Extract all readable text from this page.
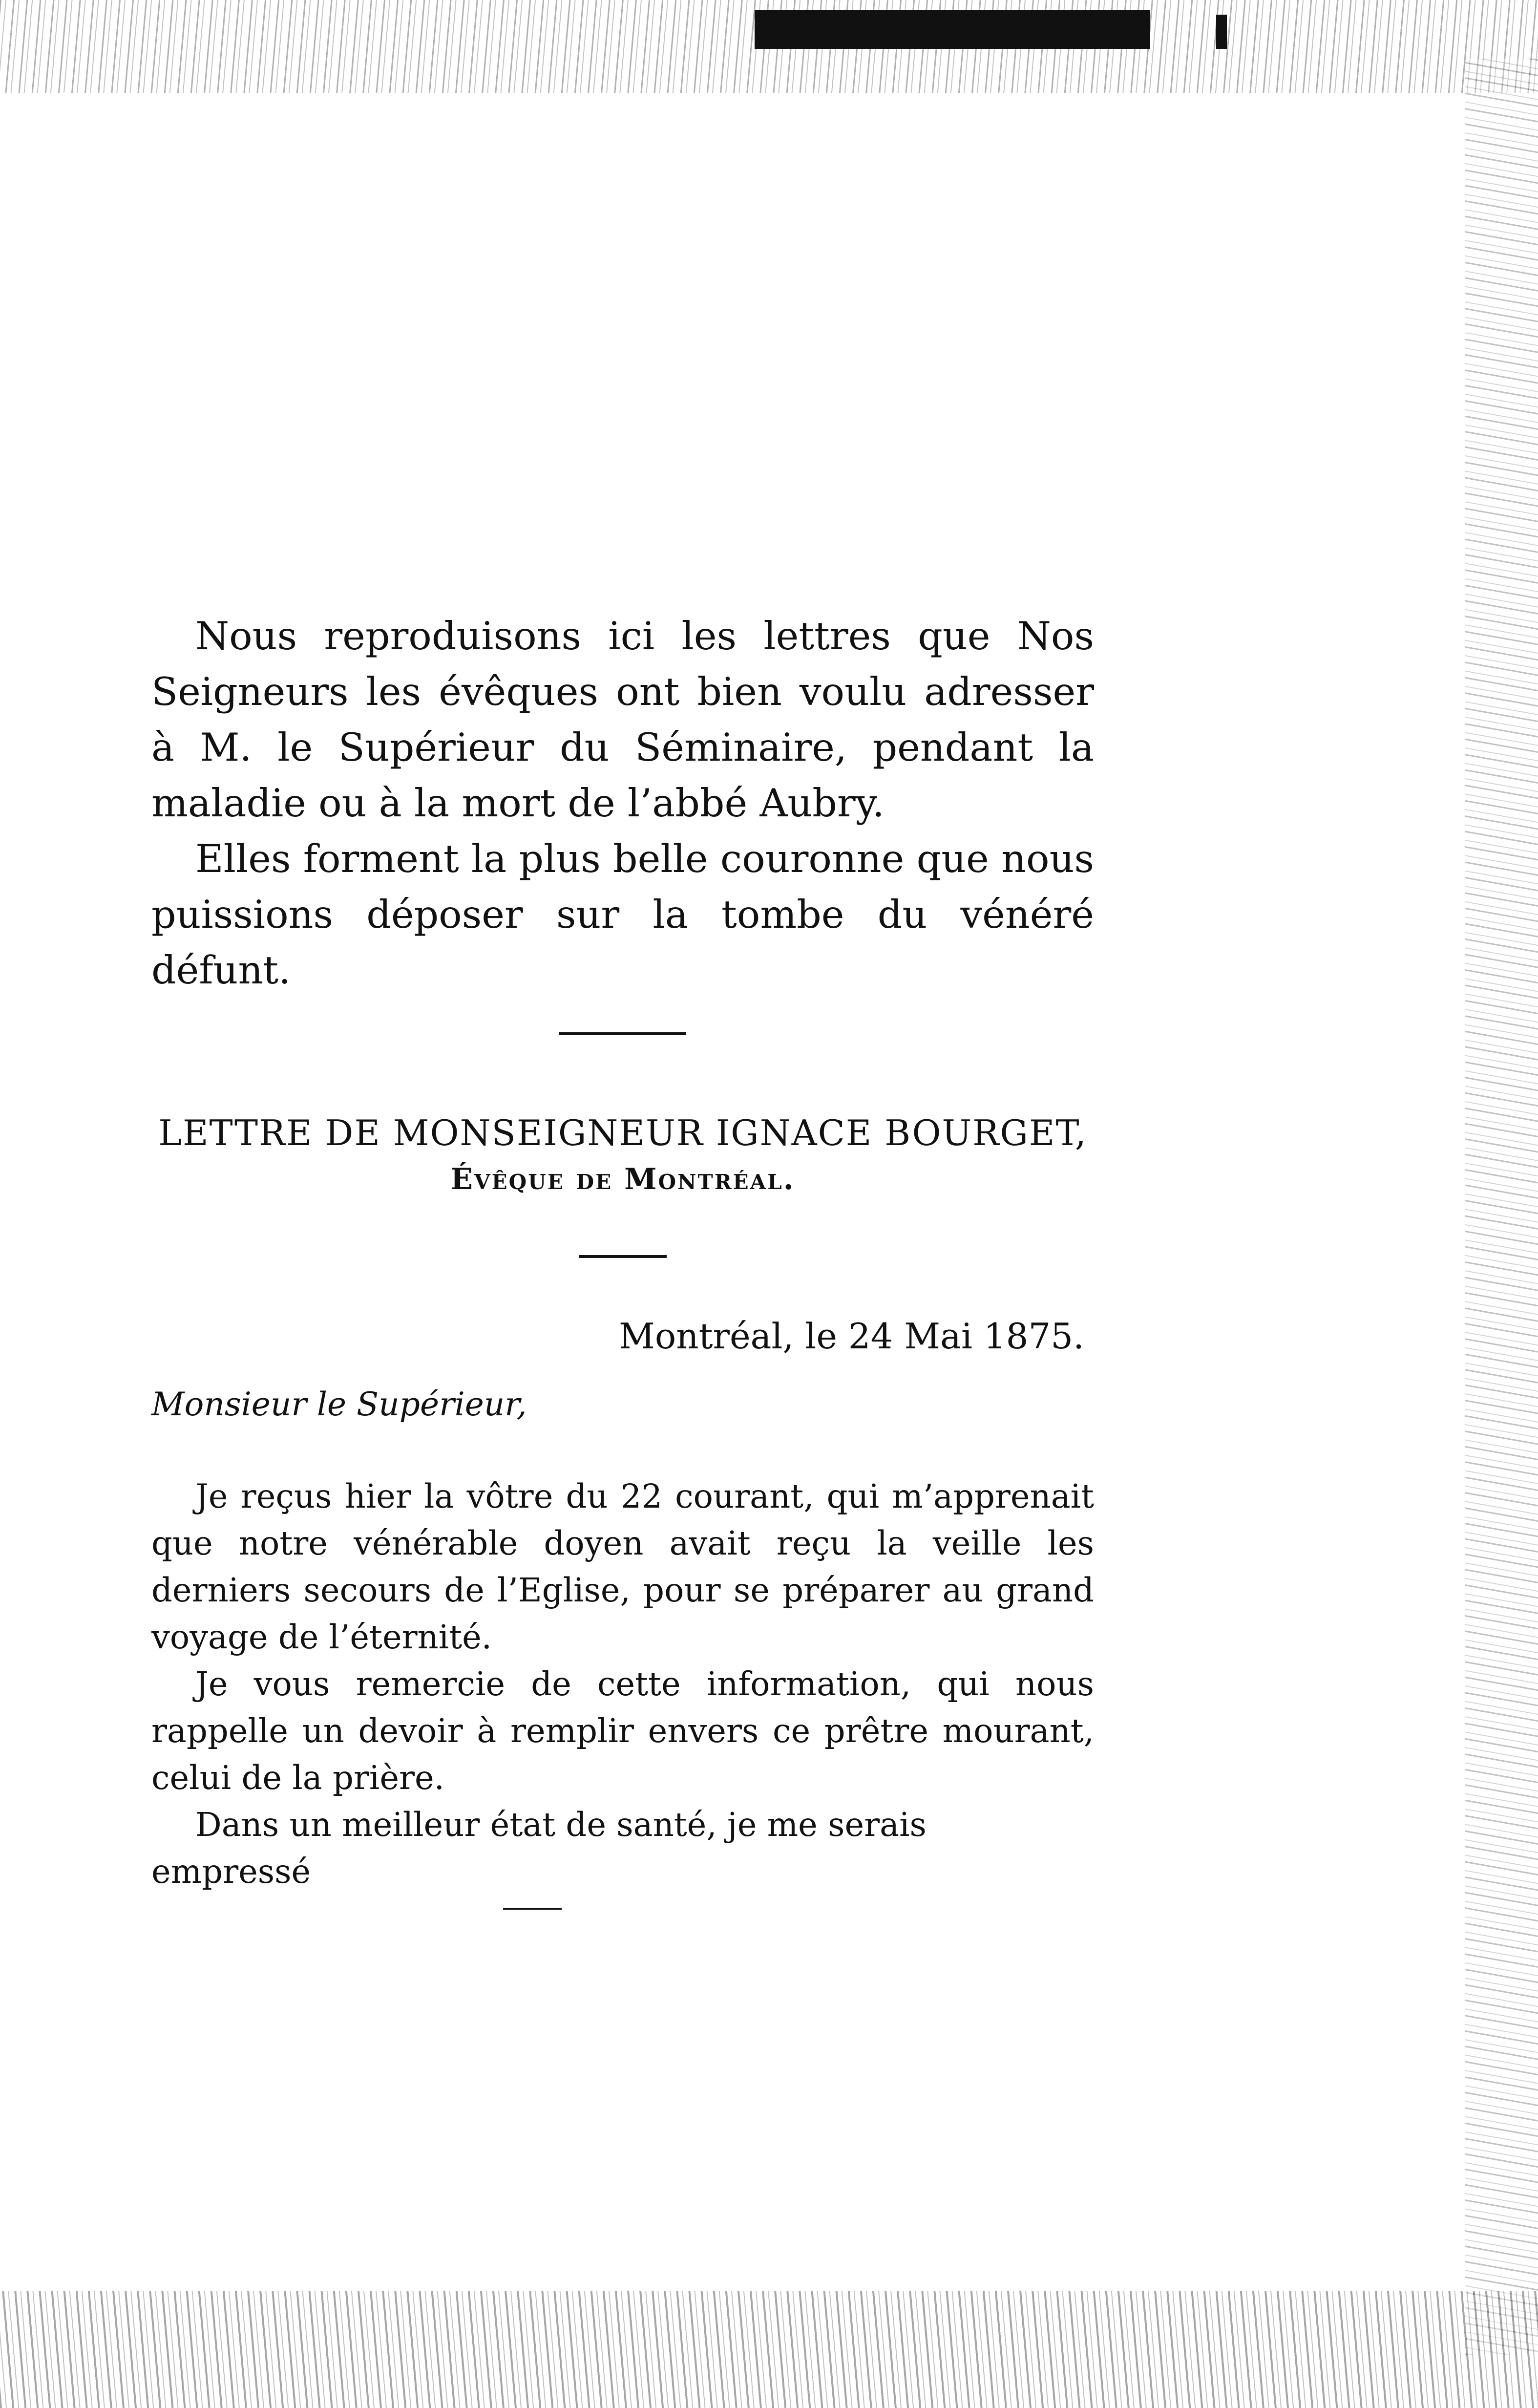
Nous reproduisons ici les lettres que Nos Seigneurs les évêques ont bien voulu adresser à M. le Supérieur du Séminaire, pendant la maladie ou à la mort de l’abbé Aubry.

Elles forment la plus belle couronne que nous puissions déposer sur la tombe du vénéré défunt.

LETTRE DE MONSEIGNEUR IGNACE BOURGET,
Évêque de Montréal.
Montréal, le 24 Mai 1875.
Monsieur le Supérieur,

Je reçus hier la vôtre du 22 courant, qui m’apprenait que notre vénérable doyen avait reçu la veille les derniers secours de l’Eglise, pour se préparer au grand voyage de l’éternité.

Je vous remercie de cette information, qui nous rappelle un devoir à remplir envers ce prêtre mourant, celui de la prière.

Dans un meilleur état de santé, je me serais empressé
